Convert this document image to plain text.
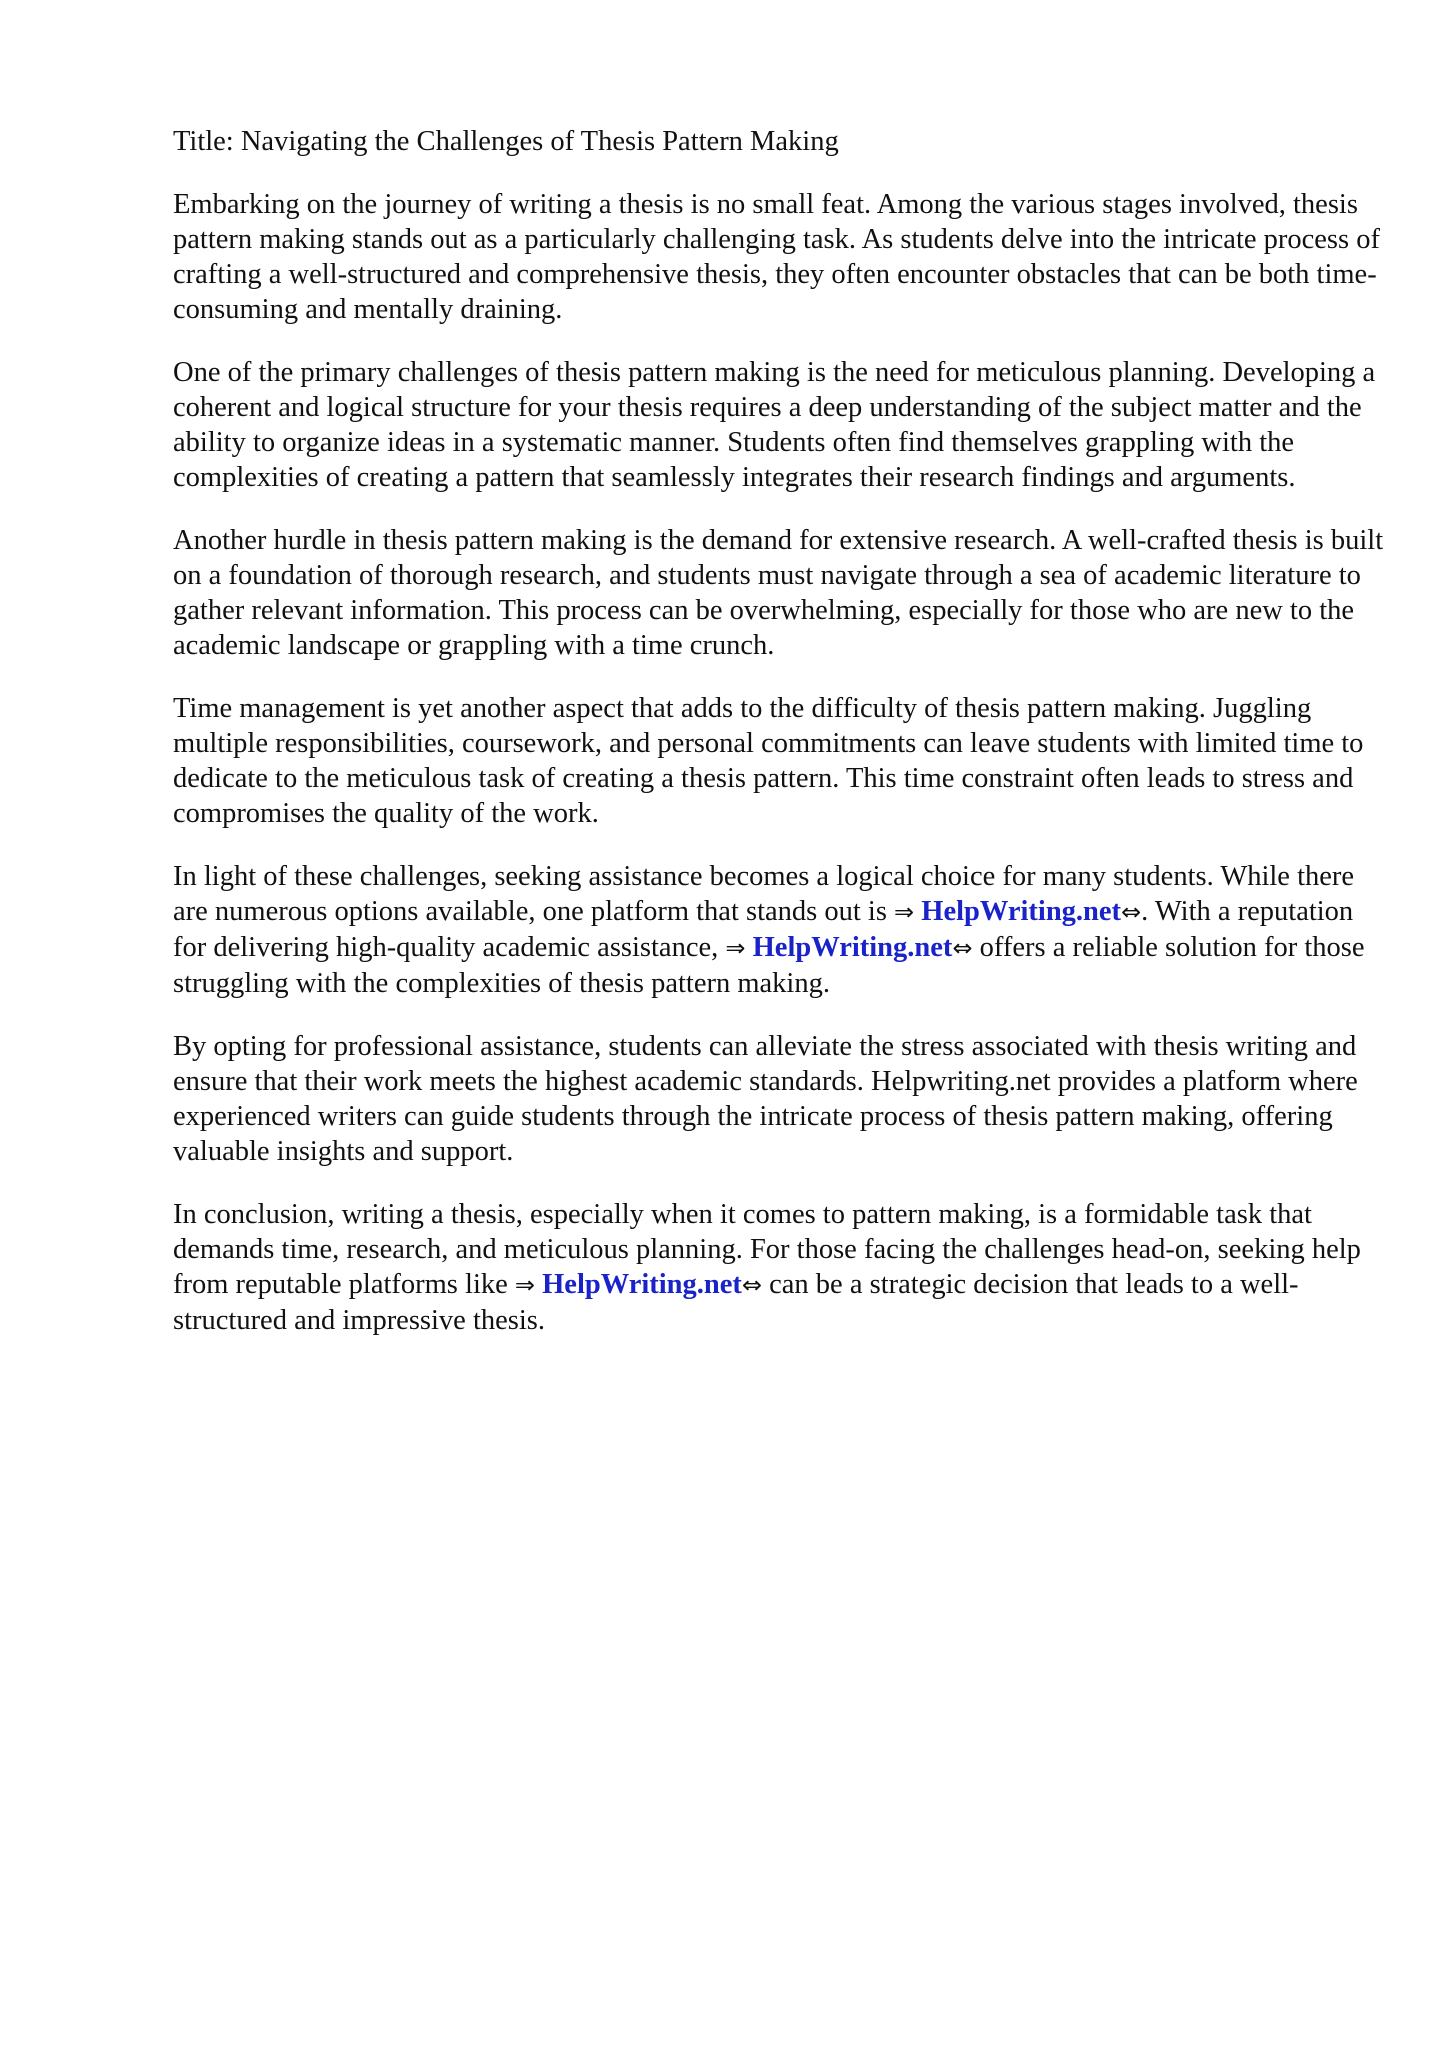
Title: Navigating the Challenges of Thesis Pattern Making

Embarking on the journey of writing a thesis is no small feat. Among the various stages involved, thesis pattern making stands out as a particularly challenging task. As students delve into the intricate process of crafting a well-structured and comprehensive thesis, they often encounter obstacles that can be both time-consuming and mentally draining.

One of the primary challenges of thesis pattern making is the need for meticulous planning. Developing a coherent and logical structure for your thesis requires a deep understanding of the subject matter and the ability to organize ideas in a systematic manner. Students often find themselves grappling with the complexities of creating a pattern that seamlessly integrates their research findings and arguments.

Another hurdle in thesis pattern making is the demand for extensive research. A well-crafted thesis is built on a foundation of thorough research, and students must navigate through a sea of academic literature to gather relevant information. This process can be overwhelming, especially for those who are new to the academic landscape or grappling with a time crunch.

Time management is yet another aspect that adds to the difficulty of thesis pattern making. Juggling multiple responsibilities, coursework, and personal commitments can leave students with limited time to dedicate to the meticulous task of creating a thesis pattern. This time constraint often leads to stress and compromises the quality of the work.

In light of these challenges, seeking assistance becomes a logical choice for many students. While there are numerous options available, one platform that stands out is ⇒ HelpWriting.net⇔. With a reputation for delivering high-quality academic assistance, ⇒ HelpWriting.net⇔ offers a reliable solution for those struggling with the complexities of thesis pattern making.

By opting for professional assistance, students can alleviate the stress associated with thesis writing and ensure that their work meets the highest academic standards. Helpwriting.net provides a platform where experienced writers can guide students through the intricate process of thesis pattern making, offering valuable insights and support.

In conclusion, writing a thesis, especially when it comes to pattern making, is a formidable task that demands time, research, and meticulous planning. For those facing the challenges head-on, seeking help from reputable platforms like ⇒ HelpWriting.net⇔ can be a strategic decision that leads to a well-structured and impressive thesis.
